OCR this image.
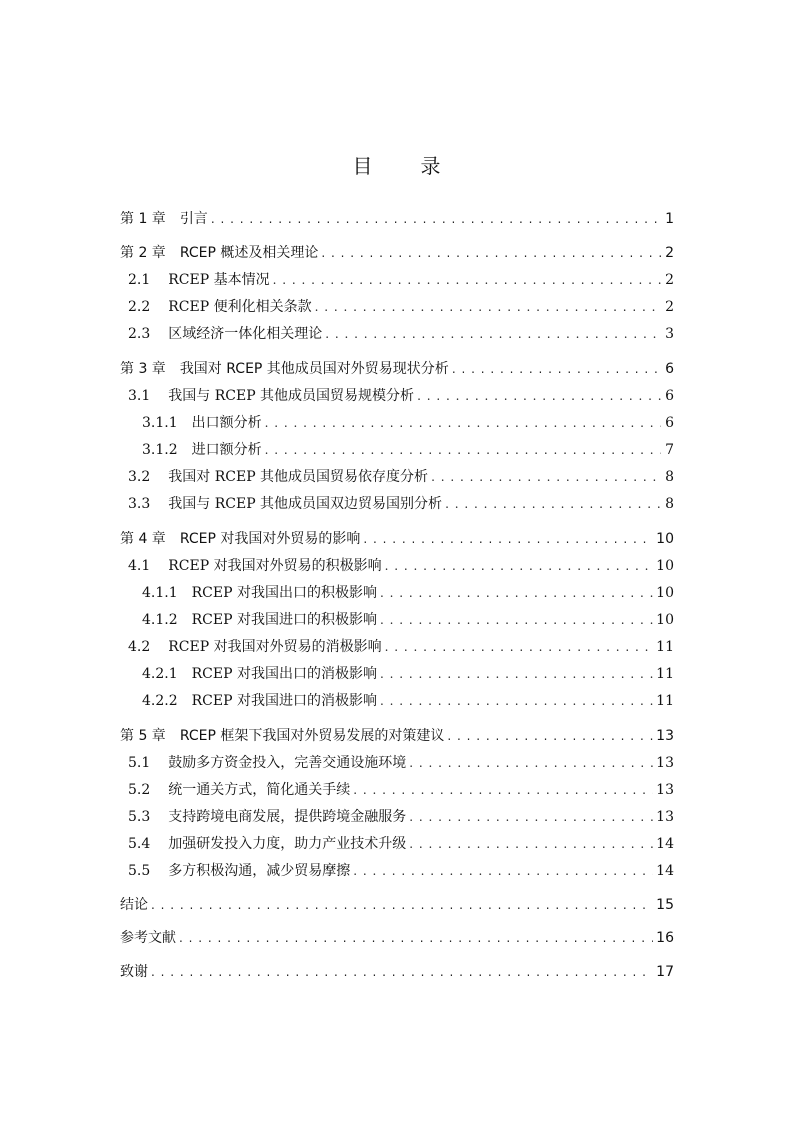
目 录
第 1 章 引言 . . .	1
第 2 章 RCEP 概述及相关理论 . . .	2
2.1 RCEP 基本情况 . . .	2
2.2 RCEP 便利化相关条款 . . .	2
2.3 区域经济一体化相关理论 . . .	3
第 3 章 我国对 RCEP 其他成员国对外贸易现状分析 . . .	6
3.1 我国与 RCEP 其他成员国贸易规模分析 . . .	6
3.1.1 出口额分析 . . .	6
3.1.2 进口额分析 . . .	7
3.2 我国对 RCEP 其他成员国贸易依存度分析 . . .	8
3.3 我国与 RCEP 其他成员国双边贸易国别分析 . . .	8
第 4 章 RCEP 对我国对外贸易的影响 . . .	10
4.1 RCEP 对我国对外贸易的积极影响 . . .	10
4.1.1 RCEP 对我国出口的积极影响 . . .	10
4.1.2 RCEP 对我国进口的积极影响 . . .	10
4.2 RCEP 对我国对外贸易的消极影响 . . .	11
4.2.1 RCEP 对我国出口的消极影响 . . .	11
4.2.2 RCEP 对我国进口的消极影响 . . .	11
第 5 章 RCEP 框架下我国对外贸易发展的对策建议 . . .	13
5.1 鼓励多方资金投入，完善交通设施环境 . . .	13
5.2 统一通关方式，简化通关手续 . . .	13
5.3 支持跨境电商发展，提供跨境金融服务 . . .	13
5.4 加强研发投入力度，助力产业技术升级 . . .	14
5.5 多方积极沟通，减少贸易摩擦 . . .	14
结论 . . .	15
参考文献 . . .	16
致谢 . . .	17
